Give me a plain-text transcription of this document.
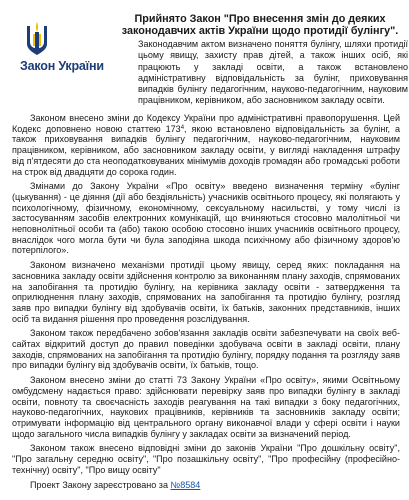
Закон України
Прийнято Закон "Про внесення змін до деяких законодавчих актів України щодо протидії булінгу".
Законодавчим актом визначено поняття булінгу, шляхи протидії цьому явищу, захисту прав дітей, а також інших осіб, які працюють у закладі освіти, а також встановлено адміністративну відповідальність за булінг, приховування випадків булінгу педагогічним, науково-педагогічним, науковим працівником, керівником, або засновником закладу освіти.

Законом внесено зміни до Кодексу України про адміністративні правопорушення. Цей Кодекс доповнено новою статтею $173^4$, якою встановлено відповідальність за булінг, а також приховування випадків булінгу педагогічним, науково-педагогічним, науковим працівником, керівником, або засновником закладу освіти, у вигляді накладення штрафу від п'ятдесяти до ста неоподатковуваних мінімумів доходів громадян або громадські роботи на строк від двадцяти до сорока годин.

Змінами до Закону України «Про освіту» введено визначення терміну «булінг (цькування) - це діяння (дії або бездіяльність) учасників освітнього процесу, які полягають у психологічному, фізичному, економічному, сексуальному насильстві, у тому числі із застосуванням засобів електронних комунікацій, що вчиняються стосовно малолітньої чи неповнолітньої особи та (або) такою особою стосовно інших учасників освітнього процесу, внаслідок чого могла бути чи була заподіяна шкода психічному або фізичному здоров'ю потерпілого».

Законом визначено механізми протидії цьому явищу, серед яких: покладання на засновника закладу освіти здійснення контролю за виконанням плану заходів, спрямованих на запобігання та протидію булінгу, на керівника закладу освіти - затвердження та оприлюднення плану заходів, спрямованих на запобігання та протидію булінгу, розгляд заяв про випадки булінгу від здобувачів освіти, їх батьків, законних представників, інших осіб та видання рішення про проведення розслідування.

Законом також передбачено зобов'язання закладів освіти забезпечувати на своїх веб-сайтах відкритий доступ до правил поведінки здобувача освіти в закладі освіти, плану заходів, спрямованих на запобігання та протидію булінгу, порядку подання та розгляду заяв про випадки булінгу від здобувачів освіти, їх батьків, тощо.

Законом внесено зміни до статті 73 Закону України «Про освіту», якими Освітньому омбудсмену надається право: здійснювати перевірку заяв про випадки булінгу в закладі освіти, повноту та своєчасність заходів реагування на такі випадки з боку педагогічних, науково-педагогічних, наукових працівників, керівників та засновників закладу освіти; отримувати інформацію від центрального органу виконавчої влади у сфері освіти і науки щодо загального числа випадків булінгу у закладах освіти за визначений період.

Законом також внесено відповідні зміни до законів України "Про дошкільну освіту", "Про загальну середню освіту", "Про позашкільну освіту", "Про професійну (професійно-технічну) освіту", "Про вищу освіту"

Проект Закону зареєстровано за №8584
